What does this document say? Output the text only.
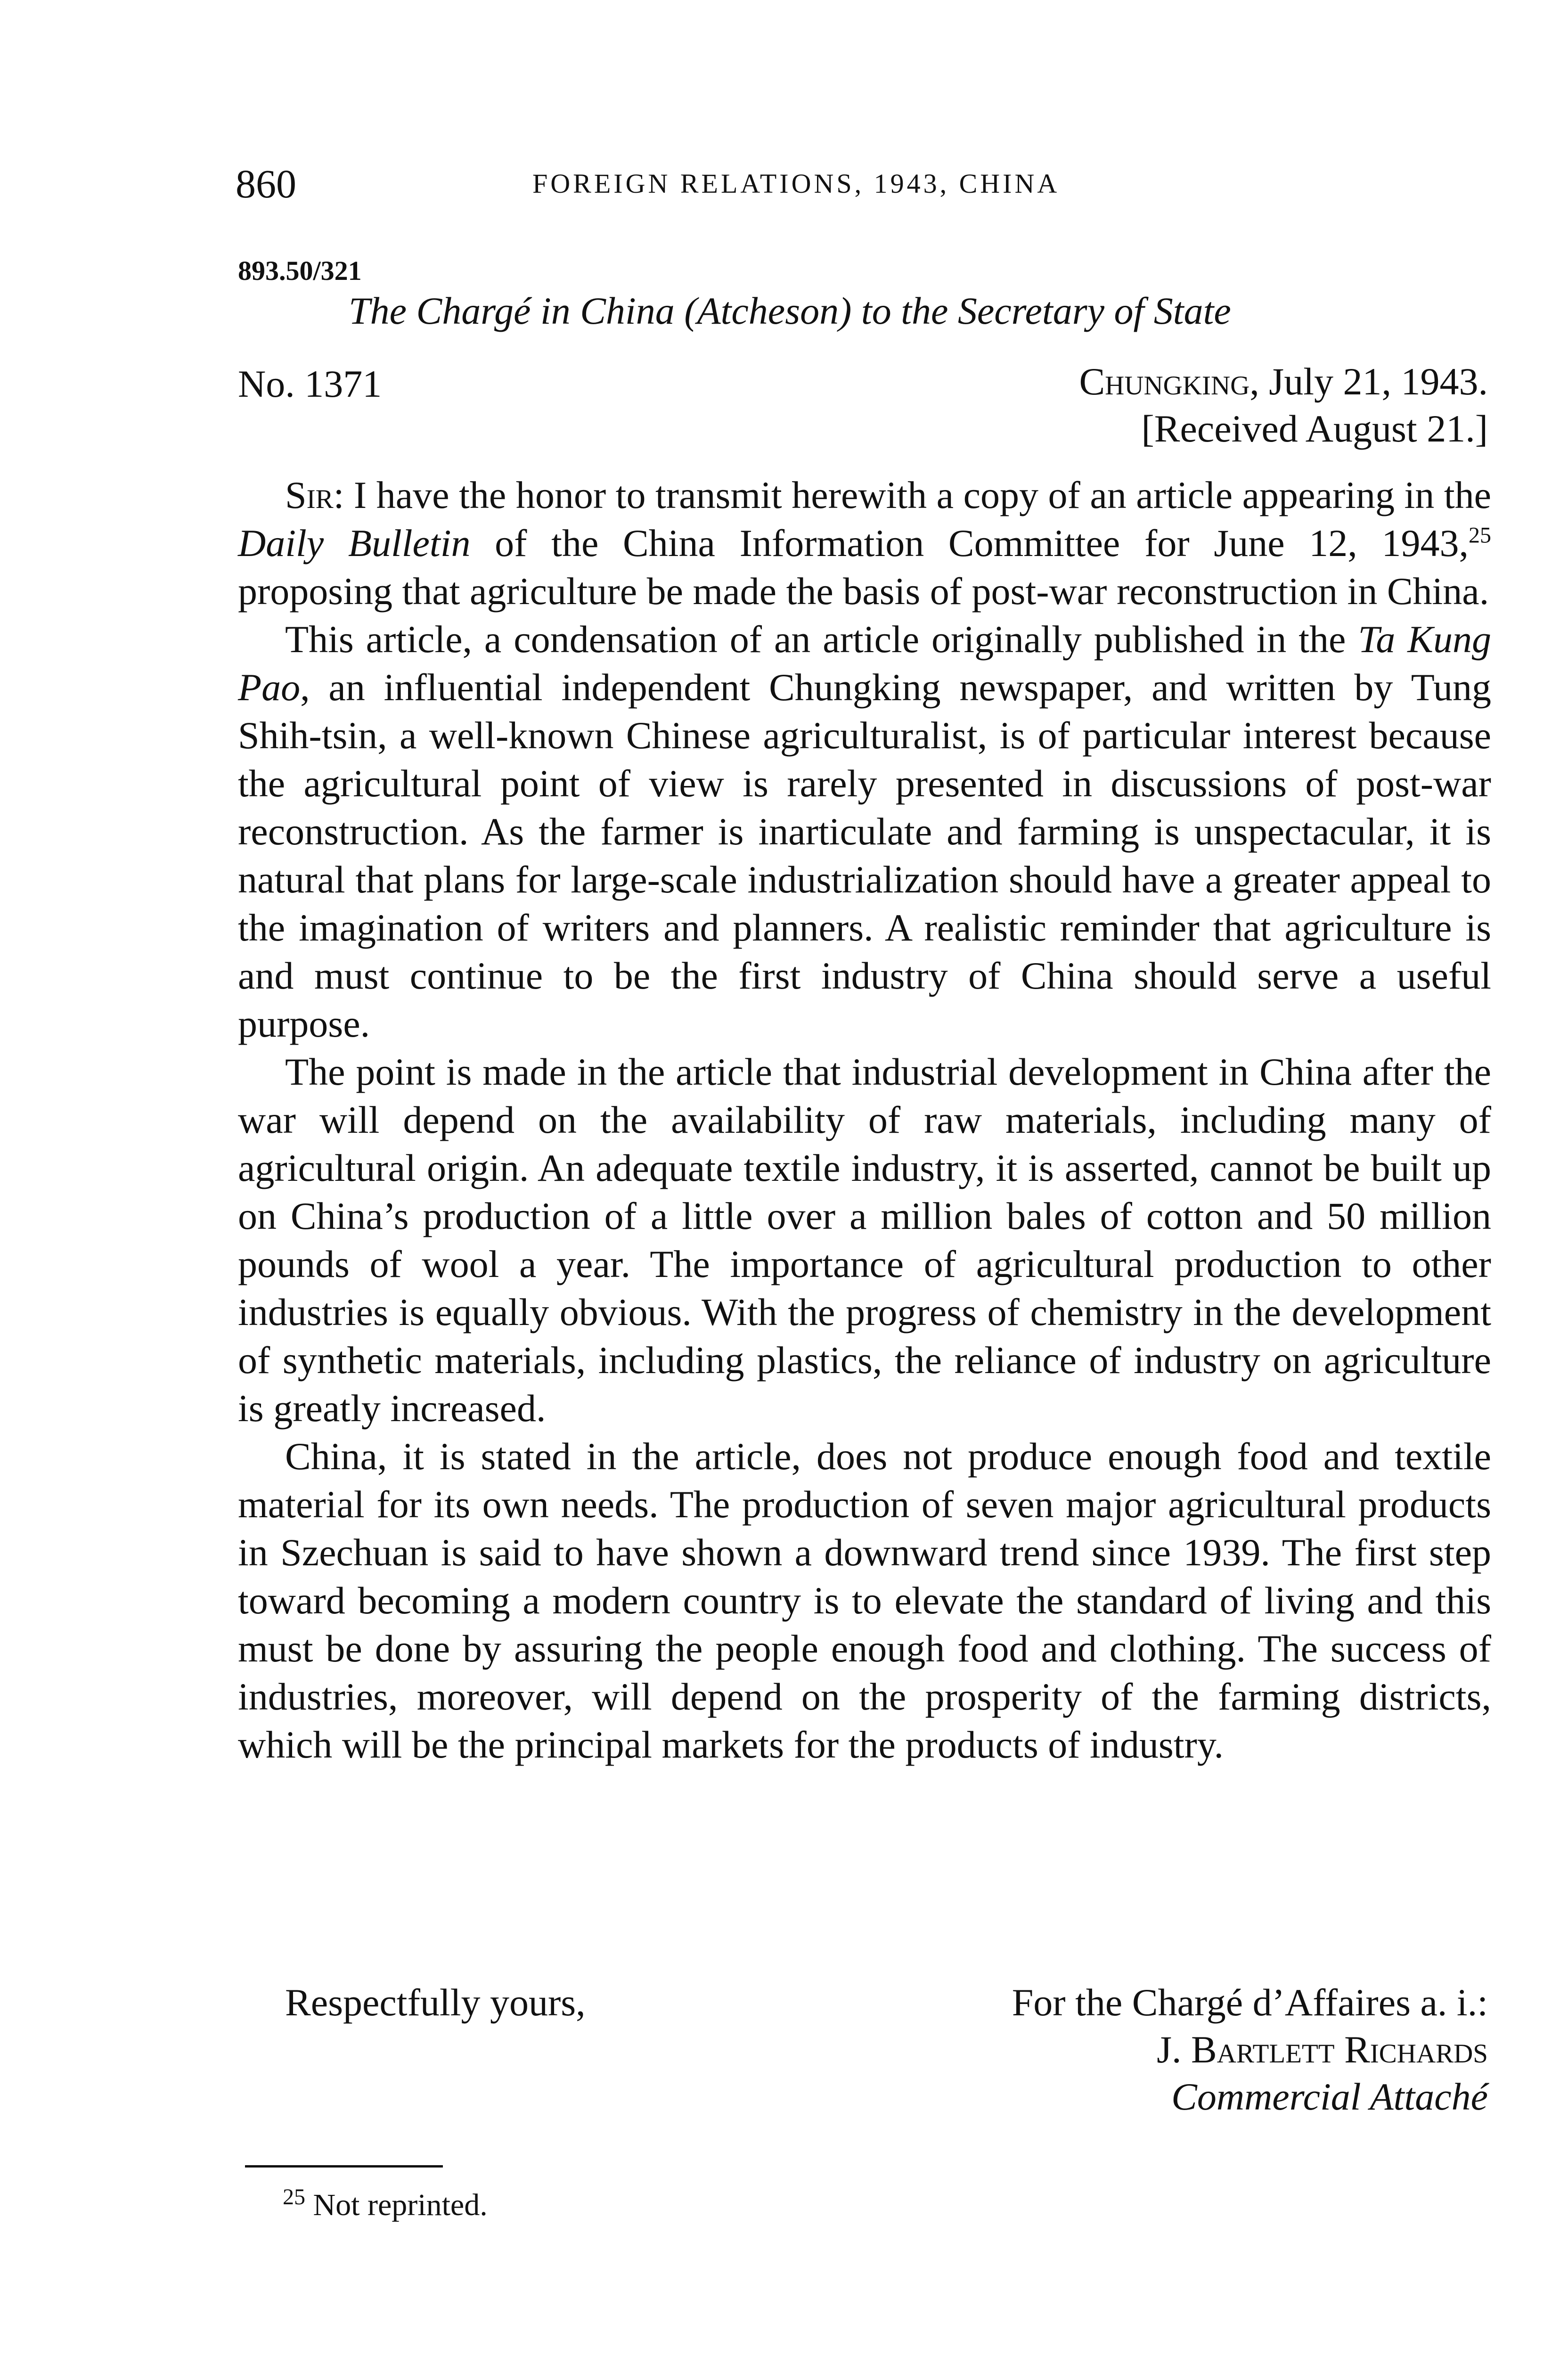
860	FOREIGN RELATIONS, 1943, CHINA
893.50/321
The Chargé in China (Atcheson) to the Secretary of State
No. 1371	Chungking, July 21, 1943.
[Received August 21.]

Sir: I have the honor to transmit herewith a copy of an article appearing in the Daily Bulletin of the China Information Committee for June 12, 1943,25 proposing that agriculture be made the basis of post-war reconstruction in China.

This article, a condensation of an article originally published in the Ta Kung Pao, an influential independent Chungking newspaper, and written by Tung Shih-tsin, a well-known Chinese agriculturalist, is of particular interest because the agricultural point of view is rarely presented in discussions of post-war reconstruction. As the farmer is inarticulate and farming is unspectacular, it is natural that plans for large-scale industrialization should have a greater appeal to the imagination of writers and planners. A realistic reminder that agriculture is and must continue to be the first industry of China should serve a useful purpose.

The point is made in the article that industrial development in China after the war will depend on the availability of raw materials, including many of agricultural origin. An adequate textile industry, it is asserted, cannot be built up on China’s production of a little over a million bales of cotton and 50 million pounds of wool a year. The importance of agricultural production to other industries is equally obvious. With the progress of chemistry in the development of synthetic materials, including plastics, the reliance of industry on agriculture is greatly increased.

China, it is stated in the article, does not produce enough food and textile material for its own needs. The production of seven major agricultural products in Szechuan is said to have shown a downward trend since 1939. The first step toward becoming a modern country is to elevate the standard of living and this must be done by assuring the people enough food and clothing. The success of industries, moreover, will depend on the prosperity of the farming districts, which will be the principal markets for the products of industry.

Respectfully yours,	For the Chargé d’Affaires a. i.:
J. Bartlett Richards
Commercial Attaché
$^{25}$ Not reprinted.
